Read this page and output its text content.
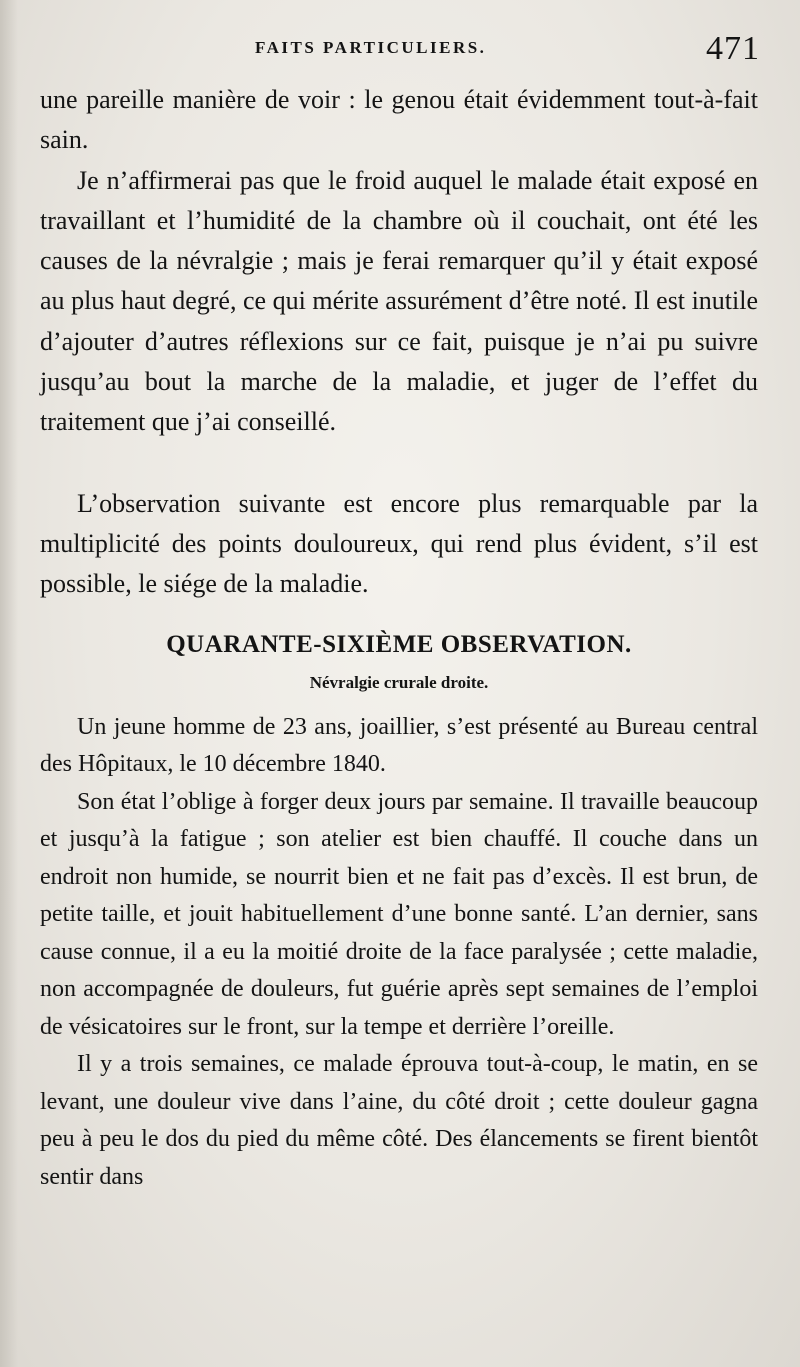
FAITS PARTICULIERS.	471

une pareille manière de voir : le genou était évidemment tout-à-fait sain.

Je n’affirmerai pas que le froid auquel le malade était exposé en travaillant et l’humidité de la chambre où il couchait, ont été les causes de la névralgie ; mais je ferai remarquer qu’il y était exposé au plus haut degré, ce qui mérite assurément d’être noté. Il est inutile d’ajouter d’autres réflexions sur ce fait, puisque je n’ai pu suivre jusqu’au bout la marche de la maladie, et juger de l’effet du traitement que j’ai conseillé.

L’observation suivante est encore plus remarquable par la multiplicité des points douloureux, qui rend plus évident, s’il est possible, le siége de la maladie.

QUARANTE-SIXIÈME OBSERVATION.
Névralgie crurale droite.

Un jeune homme de 23 ans, joaillier, s’est présenté au Bureau central des Hôpitaux, le 10 décembre 1840.

Son état l’oblige à forger deux jours par semaine. Il travaille beaucoup et jusqu’à la fatigue ; son atelier est bien chauffé. Il couche dans un endroit non humide, se nourrit bien et ne fait pas d’excès. Il est brun, de petite taille, et jouit habituellement d’une bonne santé. L’an dernier, sans cause connue, il a eu la moitié droite de la face paralysée ; cette maladie, non accompagnée de douleurs, fut guérie après sept semaines de l’emploi de vésicatoires sur le front, sur la tempe et derrière l’oreille.

Il y a trois semaines, ce malade éprouva tout-à-coup, le matin, en se levant, une douleur vive dans l’aine, du côté droit ; cette douleur gagna peu à peu le dos du pied du même côté. Des élancements se firent bientôt sentir dans
